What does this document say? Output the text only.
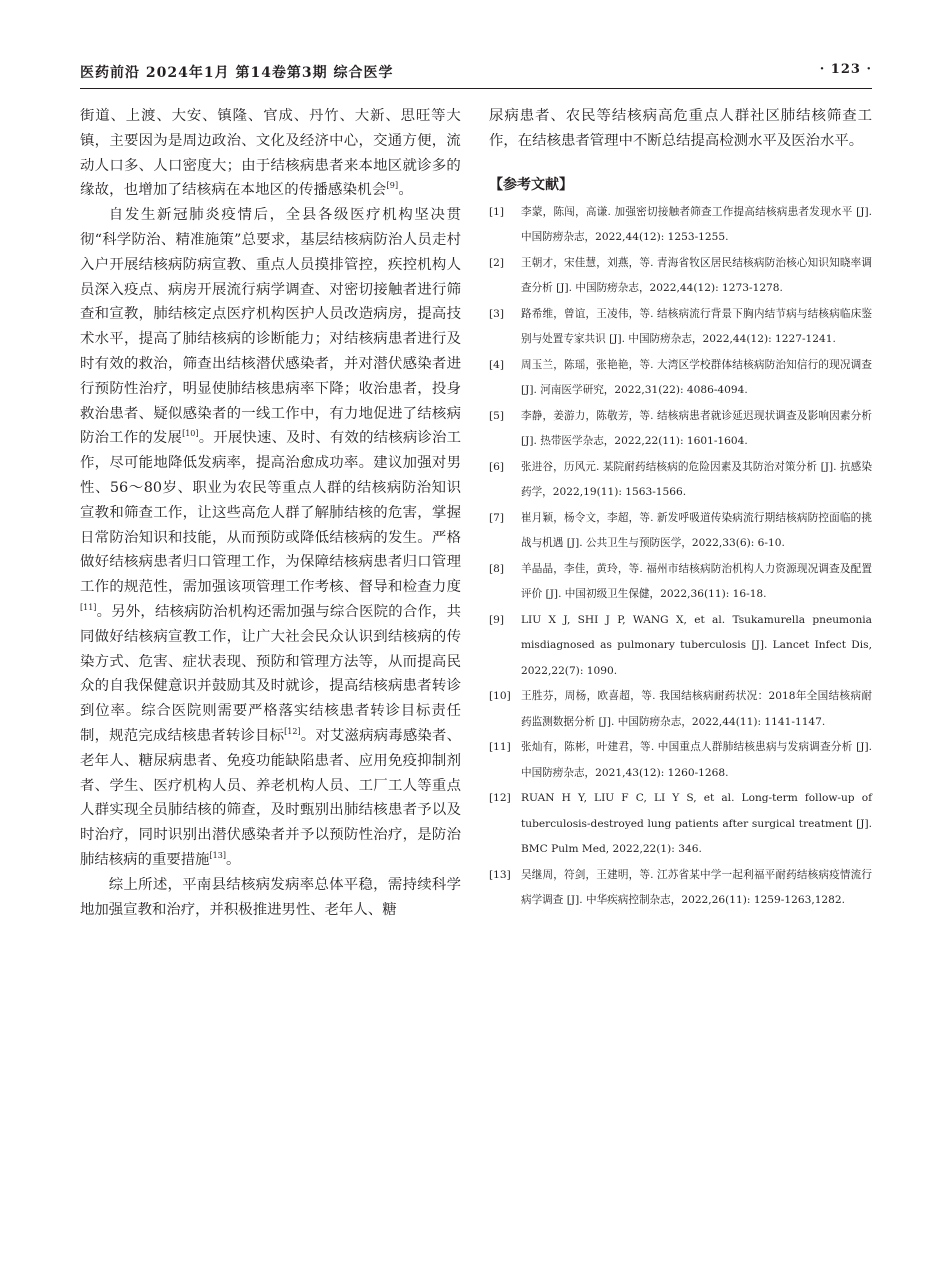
医药前沿 2024年1月 第14卷第3期 综合医学	· 123 ·

街道、上渡、大安、镇隆、官成、丹竹、大新、思旺等大镇，主要因为是周边政治、文化及经济中心，交通方便，流动人口多、人口密度大；由于结核病患者来本地区就诊多的缘故，也增加了结核病在本地区的传播感染机会[9]。

自发生新冠肺炎疫情后，全县各级医疗机构坚决贯彻“科学防治、精准施策”总要求，基层结核病防治人员走村入户开展结核病防病宣教、重点人员摸排管控，疾控机构人员深入疫点、病房开展流行病学调查、对密切接触者进行筛查和宣教，肺结核定点医疗机构医护人员改造病房，提高技术水平，提高了肺结核病的诊断能力；对结核病患者进行及时有效的救治，筛查出结核潜伏感染者，并对潜伏感染者进行预防性治疗，明显使肺结核患病率下降；收治患者，投身救治患者、疑似感染者的一线工作中，有力地促进了结核病防治工作的发展[10]。开展快速、及时、有效的结核病诊治工作，尽可能地降低发病率，提高治愈成功率。建议加强对男性、56～80岁、职业为农民等重点人群的结核病防治知识宣教和筛查工作，让这些高危人群了解肺结核的危害，掌握日常防治知识和技能，从而预防或降低结核病的发生。严格做好结核病患者归口管理工作，为保障结核病患者归口管理工作的规范性，需加强该项管理工作考核、督导和检查力度[11]。另外，结核病防治机构还需加强与综合医院的合作，共同做好结核病宣教工作，让广大社会民众认识到结核病的传染方式、危害、症状表现、预防和管理方法等，从而提高民众的自我保健意识并鼓励其及时就诊，提高结核病患者转诊到位率。综合医院则需要严格落实结核患者转诊目标责任制，规范完成结核患者转诊目标[12]。对艾滋病病毒感染者、老年人、糖尿病患者、免疫功能缺陷患者、应用免疫抑制剂者、学生、医疗机构人员、养老机构人员、工厂工人等重点人群实现全员肺结核的筛查，及时甄别出肺结核患者予以及时治疗，同时识别出潜伏感染者并予以预防性治疗，是防治肺结核病的重要措施[13]。

综上所述，平南县结核病发病率总体平稳，需持续科学地加强宣教和治疗，并积极推进男性、老年人、糖

尿病患者、农民等结核病高危重点人群社区肺结核筛查工作，在结核患者管理中不断总结提高检测水平及医治水平。

【参考文献】
[1] 李蒙，陈闯，高谦. 加强密切接触者筛查工作提高结核病患者发现水平 [J]. 中国防痨杂志，2022,44(12): 1253-1255.
[2] 王朝才，宋佳慧，刘燕，等. 青海省牧区居民结核病防治核心知识知晓率调查分析 [J]. 中国防痨杂志，2022,44(12): 1273-1278.
[3] 路希维，曾谊，王凌伟，等. 结核病流行背景下胸内结节病与结核病临床鉴别与处置专家共识 [J]. 中国防痨杂志，2022,44(12): 1227-1241.
[4] 周玉兰，陈瑶，张艳艳，等. 大湾区学校群体结核病防治知信行的现况调查 [J]. 河南医学研究，2022,31(22): 4086-4094.
[5] 李静，姜游力，陈敬芳，等. 结核病患者就诊延迟现状调查及影响因素分析 [J]. 热带医学杂志，2022,22(11): 1601-1604.
[6] 张进谷，历风元. 某院耐药结核病的危险因素及其防治对策分析 [J]. 抗感染药学，2022,19(11): 1563-1566.
[7] 崔月颖，杨令文，李超，等. 新发呼吸道传染病流行期结核病防控面临的挑战与机遇 [J]. 公共卫生与预防医学，2022,33(6): 6-10.
[8] 羊晶晶，李佳，黄玲，等. 福州市结核病防治机构人力资源现况调查及配置评价 [J]. 中国初级卫生保健，2022,36(11): 16-18.
[9] LIU X J, SHI J P, WANG X, et al. Tsukamurella pneumonia misdiagnosed as pulmonary tuberculosis [J]. Lancet Infect Dis, 2022,22(7): 1090.
[10] 王胜芬，周杨，欧喜超，等. 我国结核病耐药状况：2018年全国结核病耐药监测数据分析 [J]. 中国防痨杂志，2022,44(11): 1141-1147.
[11] 张灿有，陈彬，叶建君，等. 中国重点人群肺结核患病与发病调查分析 [J]. 中国防痨杂志，2021,43(12): 1260-1268.
[12] RUAN H Y, LIU F C, LI Y S, et al. Long-term follow-up of tuberculosis-destroyed lung patients after surgical treatment [J]. BMC Pulm Med, 2022,22(1): 346.
[13] 吴继周，符剑，王建明，等. 江苏省某中学一起利福平耐药结核病疫情流行病学调查 [J]. 中华疾病控制杂志，2022,26(11): 1259-1263,1282.
